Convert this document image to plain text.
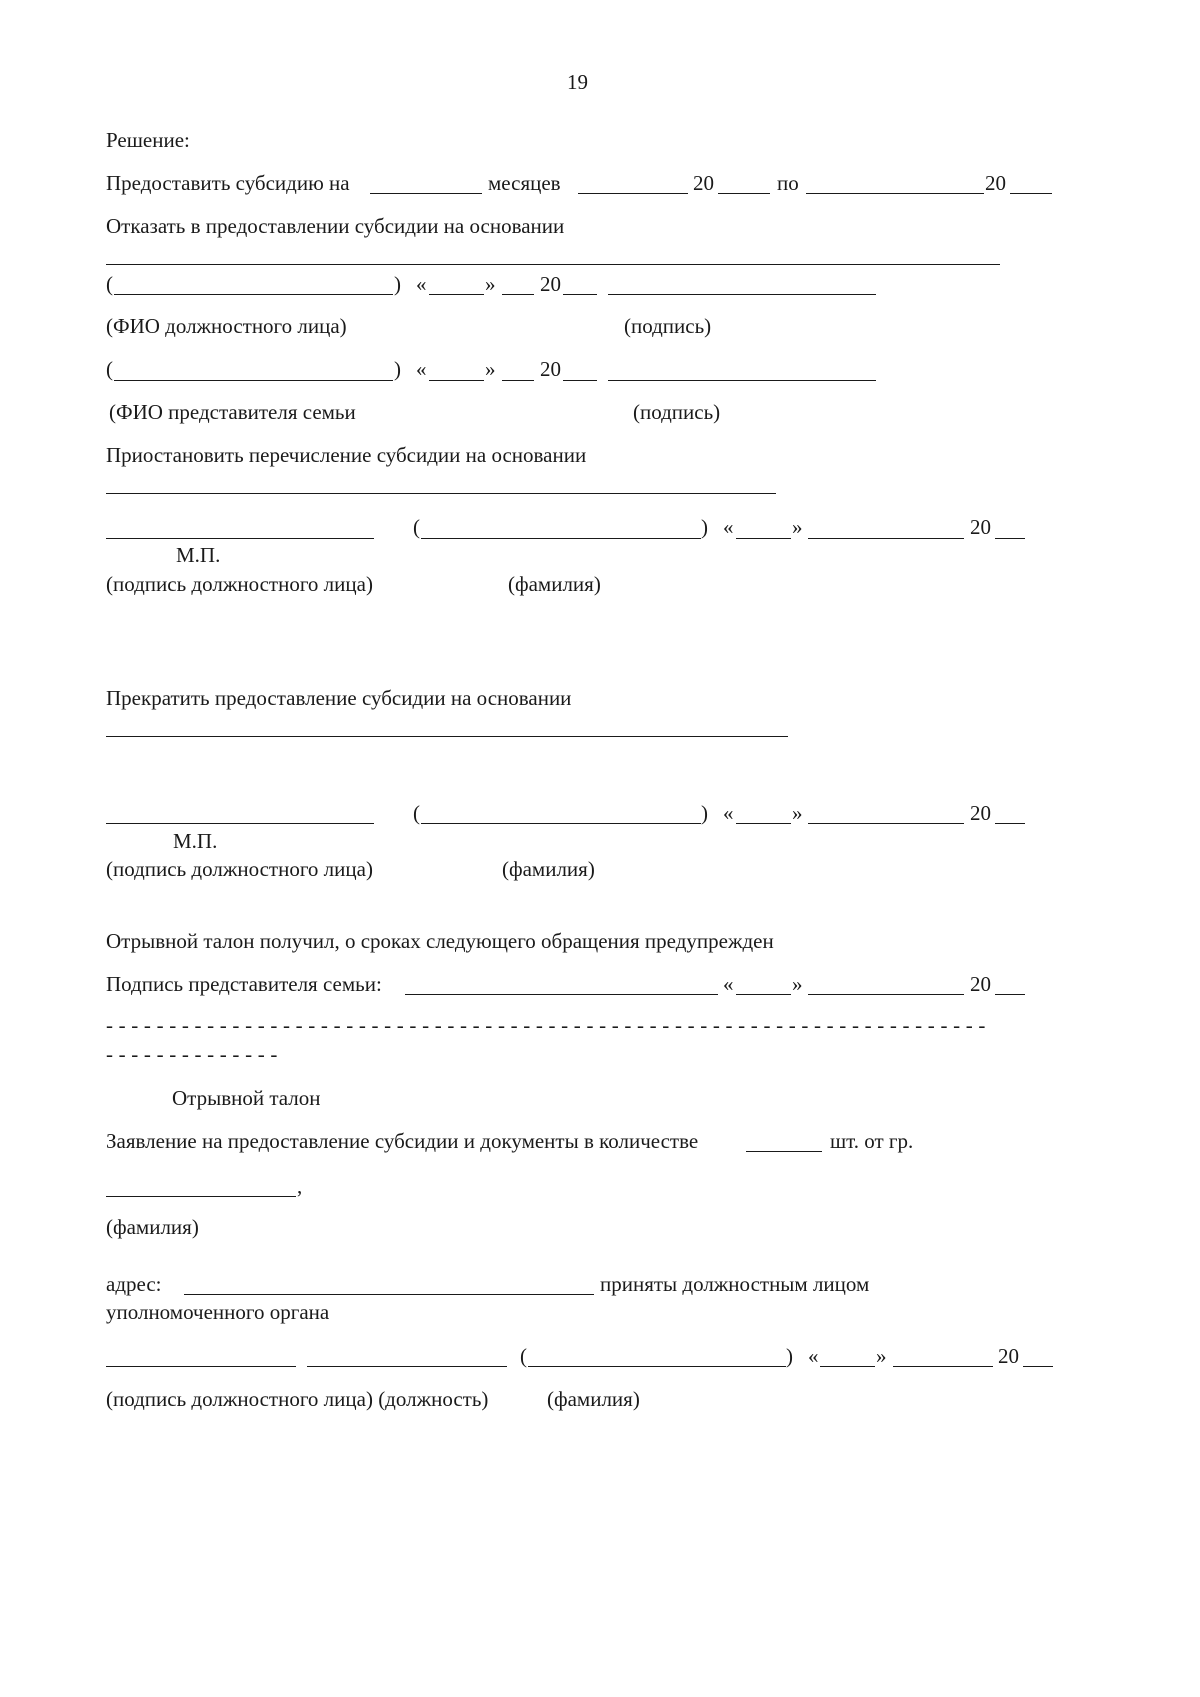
19
Решение:
Предоставить субсидию на	месяцев	20	по	20
Отказать в предоставлении субсидии на основании
(	) «	» 20
(ФИО должностного лица)	(подпись)
(	) «	» 20
(ФИО представителя семьи	(подпись)
Приостановить перечисление субсидии на основании
(	) «	»	20
М.П.
(подпись должностного лица)	(фамилия)
Прекратить предоставление субсидии на основании
(	) «	»	20
М.П.
(подпись должностного лица)	(фамилия)
Отрывной талон получил, о сроках следующего обращения предупрежден
Подпись представителя семьи:	«	»	20
- - - - - - - - - - - - - - - - - - - - - - - - - - - - - - - - - - - - - - - - - - - - - - - - - - - - - - - - - - - - - - - - - - - - - -
- - - - - - - - - - - - - -
Отрывной талон
Заявление на предоставление субсидии и документы в количестве	шт. от гр.
,
(фамилия)
адрес:	приняты должностным лицом
уполномоченного органа
(	) «	»	20
(подпись должностного лица) (должность)	(фамилия)
